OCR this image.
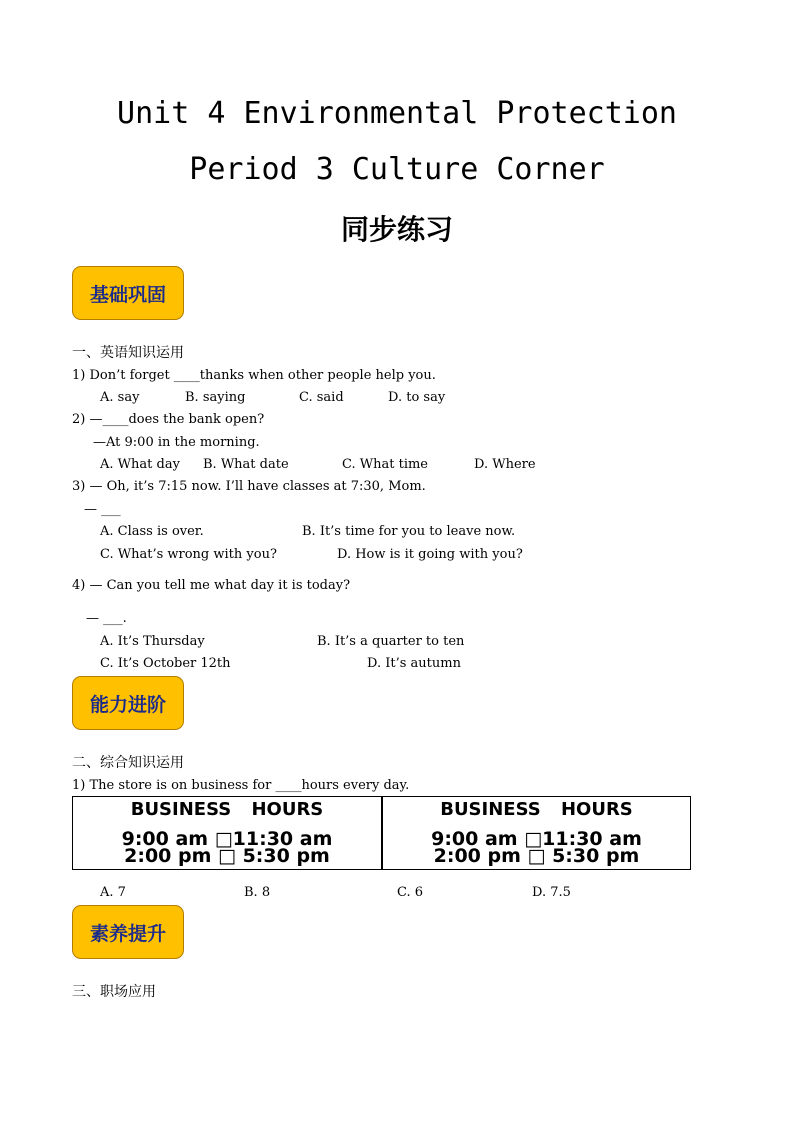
Unit 4 Environmental Protection
Period 3 Culture Corner
同步练习
基础巩固
一、英语知识运用
1) Don’t forget ____thanks when other people help you.
A. say	B. saying	C. said	D. to say
2) —____does the bank open?
—At 9:00 in the morning.
A. What day B. What date	C. What time	D. Where
3) — Oh, it’s 7:15 now. I’ll have classes at 7:30, Mom.
— ___
A. Class is over.	B. It’s time for you to leave now.
C. What’s wrong with you?	D. How is it going with you?
4) — Can you tell me what day it is today?
— ___.
A. It’s Thursday	B. It’s a quarter to ten
C. It’s October 12th	D. It’s autumn
能力进阶
二、综合知识运用
1) The store is on business for ____hours every day.
BUSINESS HOURS
9:00 am □11:30 am
2:00 pm □ 5:30 pm
BUSINESS HOURS
9:00 am □11:30 am
2:00 pm □ 5:30 pm
A. 7	B. 8	C. 6	D. 7.5
素养提升
三、职场应用
